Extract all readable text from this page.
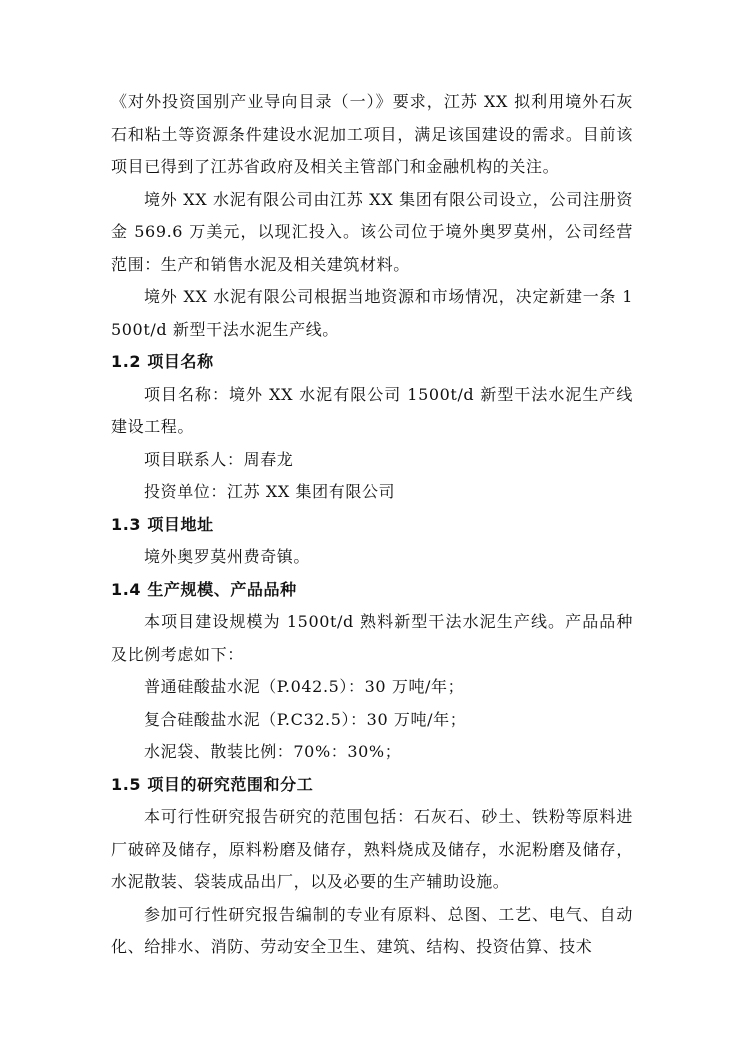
《对外投资国别产业导向目录（一）》要求，江苏 XX 拟利用境外石灰石和粘土等资源条件建设水泥加工项目，满足该国建设的需求。目前该项目已得到了江苏省政府及相关主管部门和金融机构的关注。

境外 XX 水泥有限公司由江苏 XX 集团有限公司设立，公司注册资金 569.6 万美元，以现汇投入。该公司位于境外奥罗莫州，公司经营范围：生产和销售水泥及相关建筑材料。

境外 XX 水泥有限公司根据当地资源和市场情况，决定新建一条 1500t/d 新型干法水泥生产线。

1.2 项目名称

项目名称：境外 XX 水泥有限公司 1500t/d 新型干法水泥生产线建设工程。

项目联系人：周春龙

投资单位：江苏 XX 集团有限公司

1.3 项目地址

境外奥罗莫州费奇镇。

1.4 生产规模、产品品种

本项目建设规模为 1500t/d 熟料新型干法水泥生产线。产品品种及比例考虑如下：

普通硅酸盐水泥（P.042.5）：30 万吨/年；

复合硅酸盐水泥（P.C32.5）：30 万吨/年；

水泥袋、散装比例：70%：30%；

1.5 项目的研究范围和分工

本可行性研究报告研究的范围包括：石灰石、砂土、铁粉等原料进厂破碎及储存，原料粉磨及储存，熟料烧成及储存，水泥粉磨及储存，水泥散装、袋装成品出厂，以及必要的生产辅助设施。

参加可行性研究报告编制的专业有原料、总图、工艺、电气、自动化、给排水、消防、劳动安全卫生、建筑、结构、投资估算、技术
